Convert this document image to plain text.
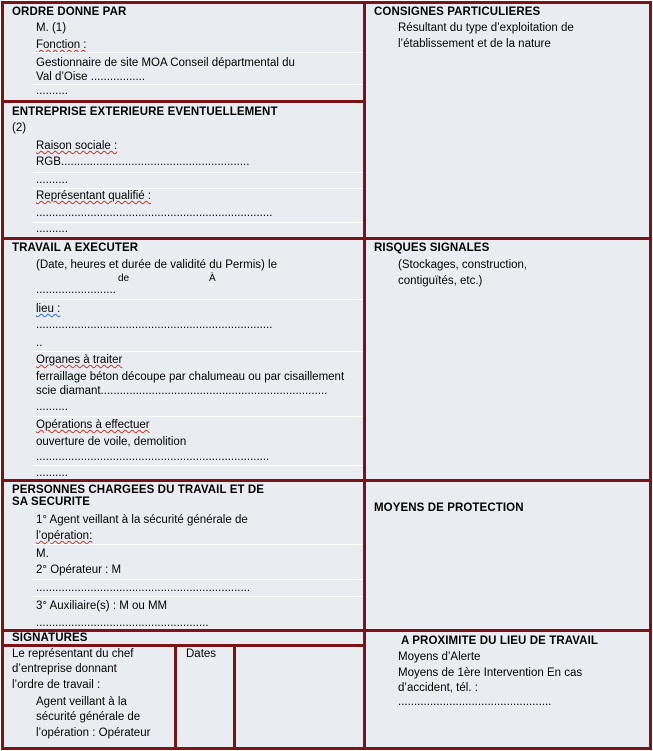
ORDRE DONNE PAR
M. (1)
Fonction :
Gestionnaire de site MOA Conseil départmental du
Val d’Oise .................
..........
ENTREPRISE EXTERIEURE EVENTUELLEMENT
(2)
Raison sociale :
RGB...........................................................
..........
Représentant qualifié :
..........................................................................
..........
TRAVAIL A EXECUTER
(Date, heures et durée de validité du Permis) le
de	À
.........................
lieu :
..........................................................................
..
Organes à traiter
ferraillage béton découpe par chalumeau ou par cisaillement
scie diamant.......................................................................
..........
Opérations à effectuer
ouverture de voile, demolition
.........................................................................
..........
PERSONNES CHARGEES DU TRAVAIL ET DE
SA SECURITE
1° Agent veillant à la sécurité générale de
l’opération:
M.
2° Opérateur : M
...................................................................
3° Auxiliaire(s) : M ou MM
......................................................
SIGNATURES
Le représentant du chef
d’entreprise donnant
l’ordre de travail :
Agent veillant à la
sécurité générale de
l’opération : Opérateur
Dates
CONSIGNES PARTICULIERES
Résultant du type d’exploitation de
l’établissement et de la nature
RISQUES SIGNALES
(Stockages, construction,
contiguïtés, etc.)
MOYENS DE PROTECTION
A PROXIMITE DU LIEU DE TRAVAIL
Moyens d’Alerte
Moyens de 1ère Intervention En cas
d’accident, tél. :
................................................
